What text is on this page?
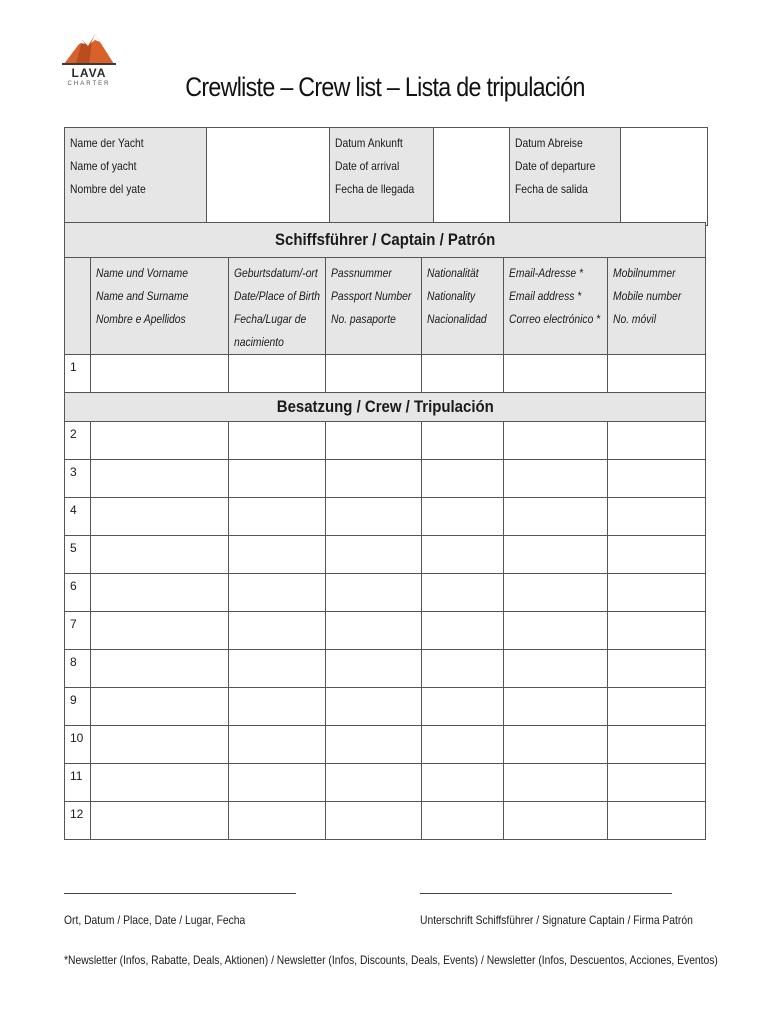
LAVA
CHARTER	Crewliste – Crew list – Lista de tripulación
Name der Yacht
Name of yacht
Nombre del yate

Datum Ankunft
Date of arrival
Fecha de llegada

Datum Abreise
Date of departure
Fecha de salida

Schiffsführer / Captain / Patrón						

	Name und Vorname
Name and Surname
Nombre e Apellidos	Geburtsdatum/-ort
Date/Place of Birth
Fecha/Lugar de
nacimiento	Passnummer
Passport Number
No. pasaporte	Nationalität
Nationality
Nacionalidad	Email-Adresse *
Email address *
Correo electrónico *	Mobilnummer
Mobile number
No. móvil

1						
Besatzung / Crew / Tripulación						
2						
3						
4						
5						
6						
7						
8						
9						
10						
11						
12						
Ort, Datum / Place, Date / Lugar, Fecha	Unterschrift Schiffsführer / Signature Captain / Firma Patrón
*Newsletter (Infos, Rabatte, Deals, Aktionen) / Newsletter (Infos, Discounts, Deals, Events) / Newsletter (Infos, Descuentos, Acciones, Eventos)
